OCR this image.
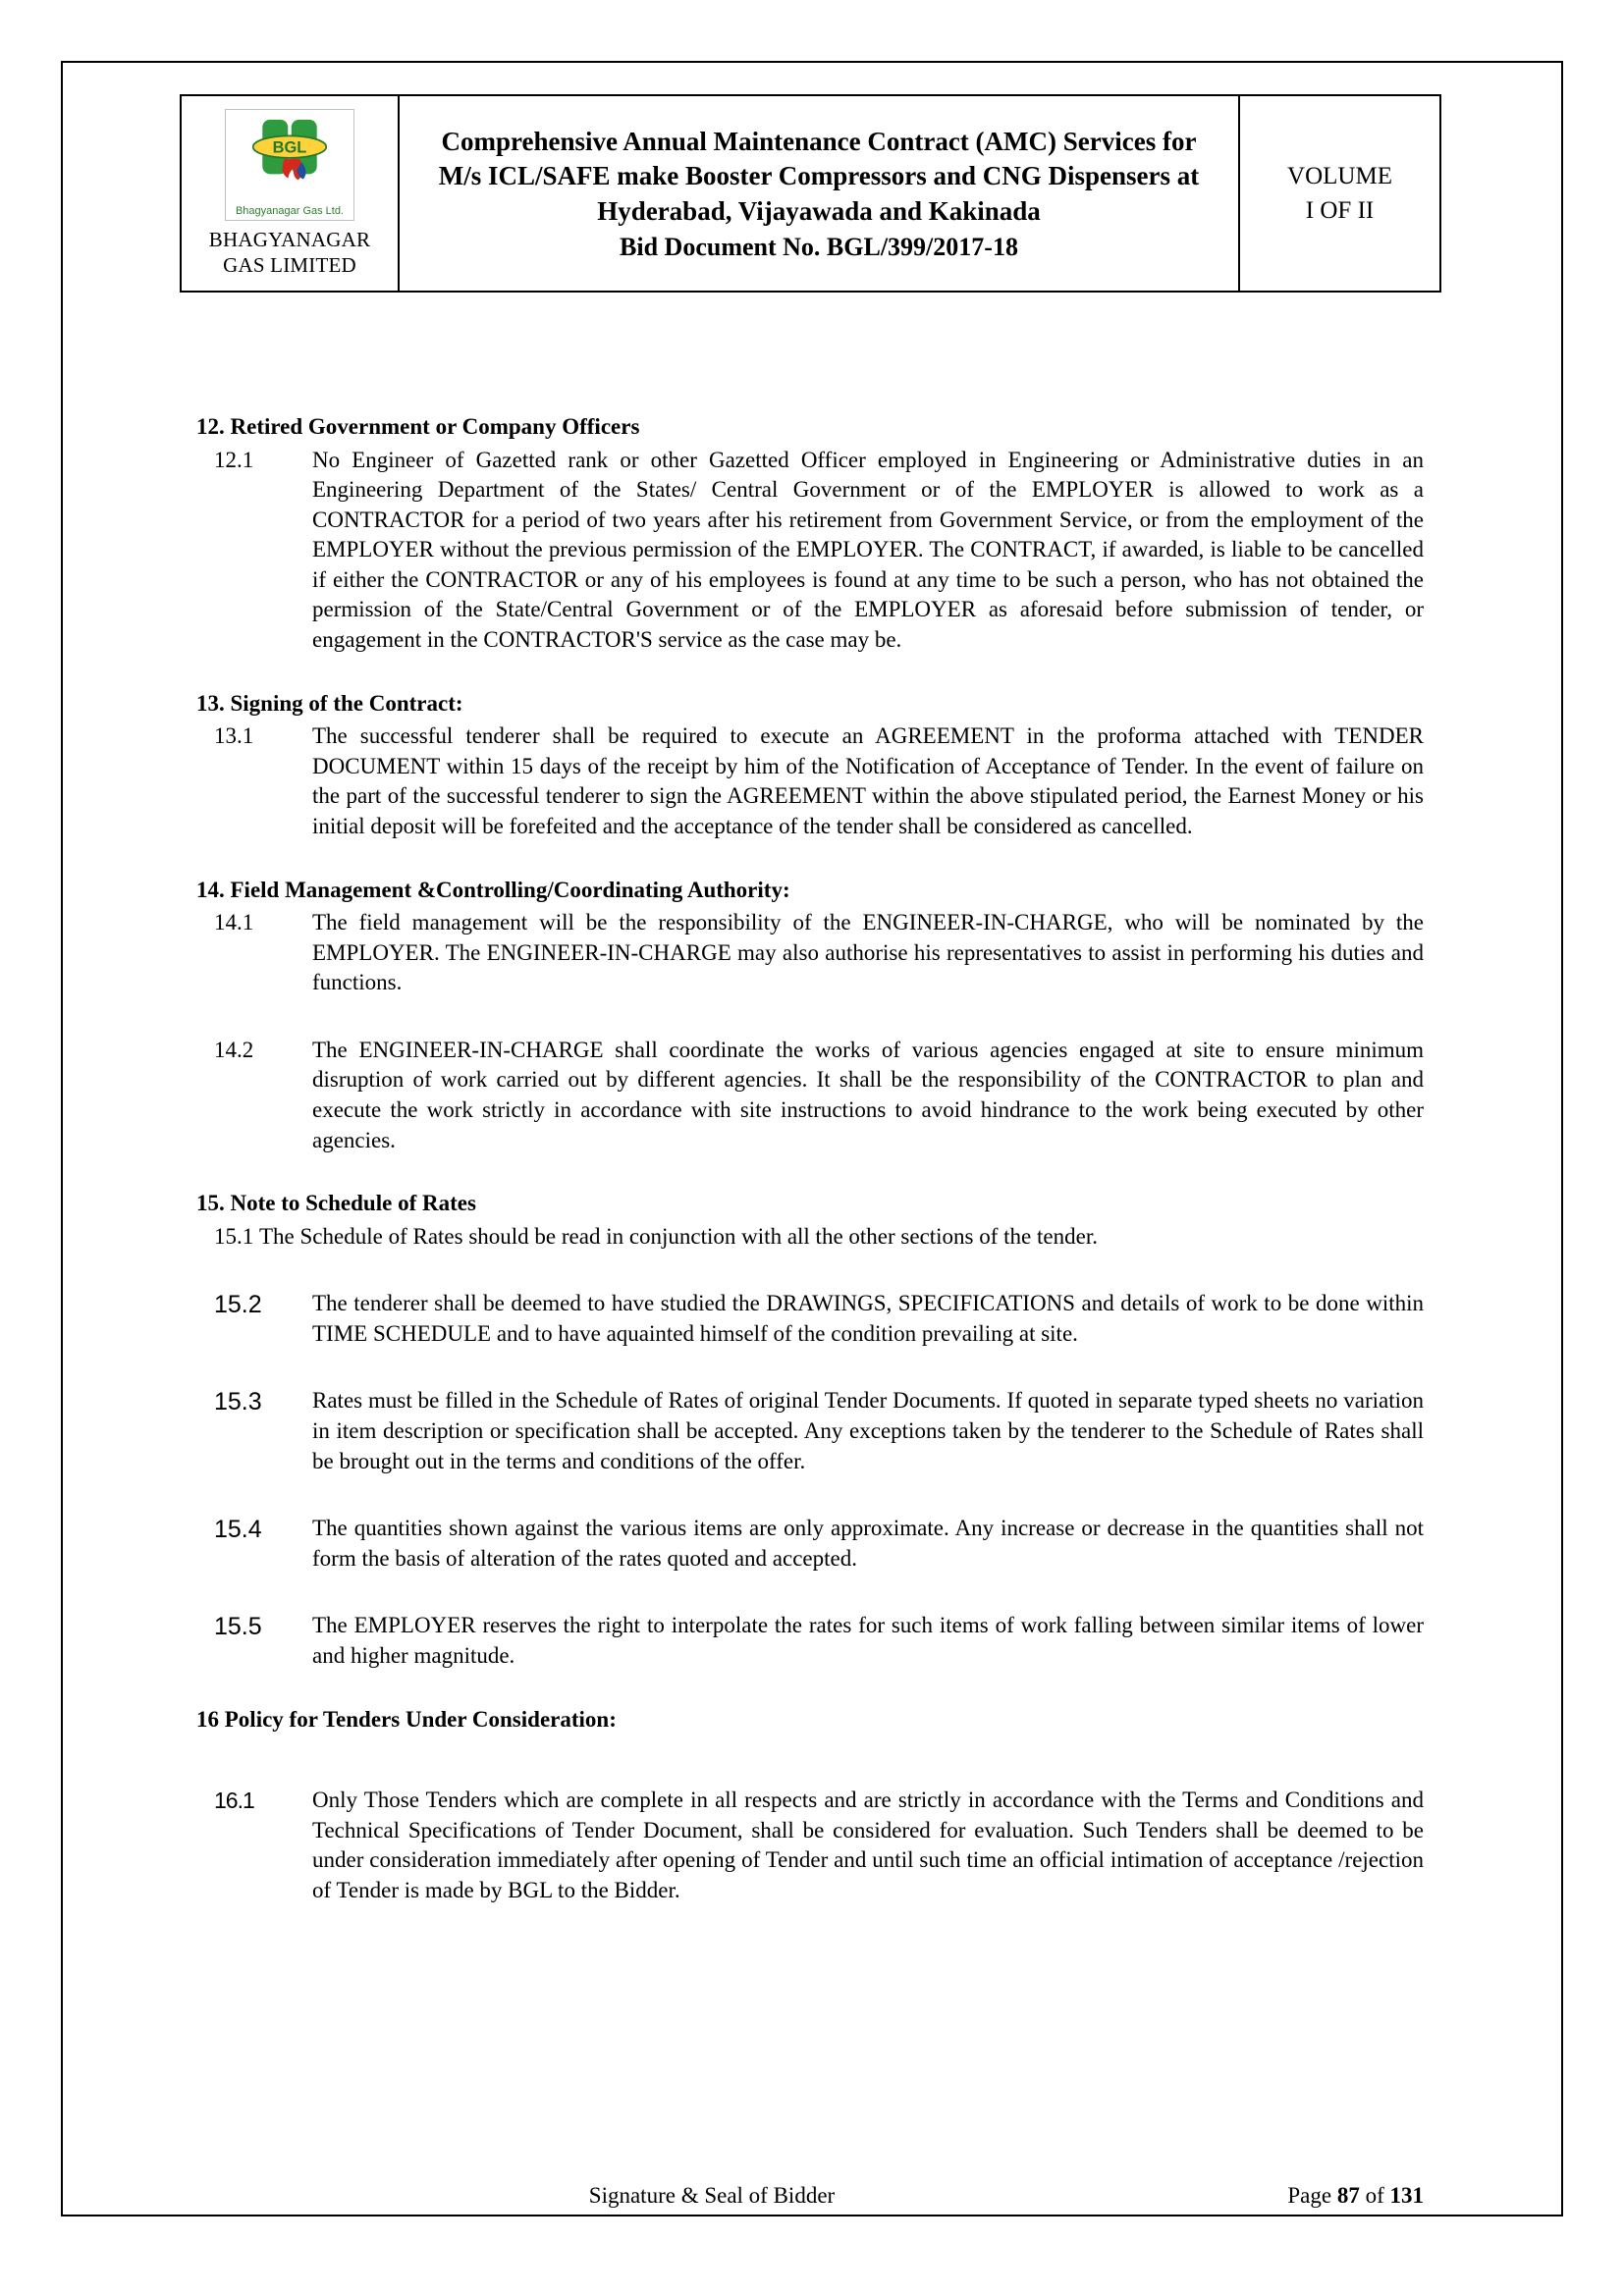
BGL
Bhagyanagar Gas Ltd.
BHAGYANAGAR
GAS LIMITED

Comprehensive Annual Maintenance Contract (AMC) Services for M/s ICL/SAFE make Booster Compressors and CNG Dispensers at Hyderabad, Vijayawada and Kakinada
Bid Document No. BGL/399/2017-18

VOLUME
I OF II
12. Retired Government or Company Officers
12.1	No Engineer of Gazetted rank or other Gazetted Officer employed in Engineering or Administrative duties in an Engineering Department of the States/ Central Government or of the EMPLOYER is allowed to work as a CONTRACTOR for a period of two years after his retirement from Government Service, or from the employment of the EMPLOYER without the previous permission of the EMPLOYER. The CONTRACT, if awarded, is liable to be cancelled if either the CONTRACTOR or any of his employees is found at any time to be such a person, who has not obtained the permission of the State/Central Government or of the EMPLOYER as aforesaid before submission of tender, or engagement in the CONTRACTOR'S service as the case may be.
13. Signing of the Contract:
13.1	The successful tenderer shall be required to execute an AGREEMENT in the proforma attached with TENDER DOCUMENT within 15 days of the receipt by him of the Notification of Acceptance of Tender. In the event of failure on the part of the successful tenderer to sign the AGREEMENT within the above stipulated period, the Earnest Money or his initial deposit will be forefeited and the acceptance of the tender shall be considered as cancelled.
14. Field Management &Controlling/Coordinating Authority:
14.1	The field management will be the responsibility of the ENGINEER-IN-CHARGE, who will be nominated by the EMPLOYER. The ENGINEER-IN-CHARGE may also authorise his representatives to assist in performing his duties and functions.
14.2	The ENGINEER-IN-CHARGE shall coordinate the works of various agencies engaged at site to ensure minimum disruption of work carried out by different agencies. It shall be the responsibility of the CONTRACTOR to plan and execute the work strictly in accordance with site instructions to avoid hindrance to the work being executed by other agencies.
15. Note to Schedule of Rates
15.1 The Schedule of Rates should be read in conjunction with all the other sections of the tender.
15.2	The tenderer shall be deemed to have studied the DRAWINGS, SPECIFICATIONS and details of work to be done within TIME SCHEDULE and to have aquainted himself of the condition prevailing at site.
15.3	Rates must be filled in the Schedule of Rates of original Tender Documents. If quoted in separate typed sheets no variation in item description or specification shall be accepted. Any exceptions taken by the tenderer to the Schedule of Rates shall be brought out in the terms and conditions of the offer.
15.4	The quantities shown against the various items are only approximate. Any increase or decrease in the quantities shall not form the basis of alteration of the rates quoted and accepted.
15.5	The EMPLOYER reserves the right to interpolate the rates for such items of work falling between similar items of lower and higher magnitude.
16 Policy for Tenders Under Consideration:
16.1	Only Those Tenders which are complete in all respects and are strictly in accordance with the Terms and Conditions and Technical Specifications of Tender Document, shall be considered for evaluation. Such Tenders shall be deemed to be under consideration immediately after opening of Tender and until such time an official intimation of acceptance /rejection of Tender is made by BGL to the Bidder.
Signature & Seal of Bidder	Page 87 of 131
